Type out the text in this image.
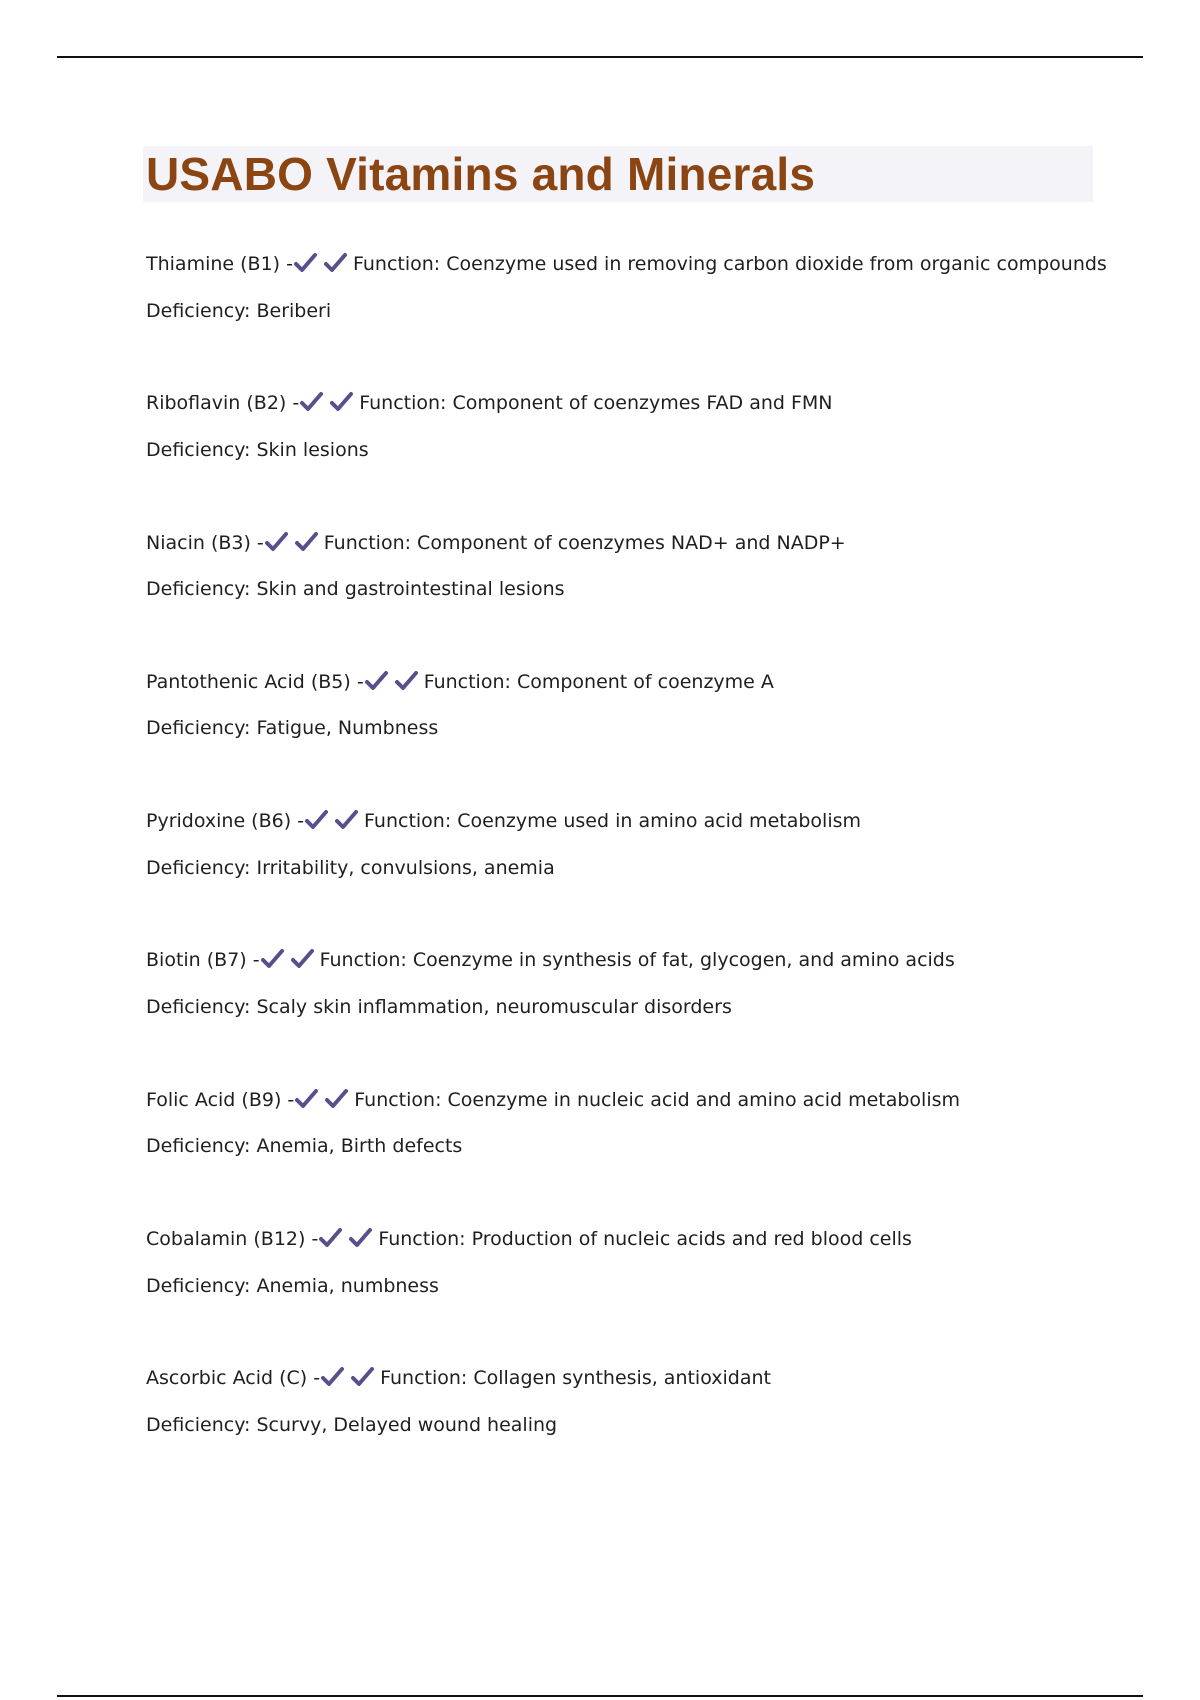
USABO Vitamins and Minerals
Thiamine (B1) -	Function: Coenzyme used in removing carbon dioxide from organic compounds
Deficiency: Beriberi
Riboflavin (B2) -	Function: Component of coenzymes FAD and FMN
Deficiency: Skin lesions
Niacin (B3) -	Function: Component of coenzymes NAD+ and NADP+
Deficiency: Skin and gastrointestinal lesions
Pantothenic Acid (B5) -	Function: Component of coenzyme A
Deficiency: Fatigue, Numbness
Pyridoxine (B6) -	Function: Coenzyme used in amino acid metabolism
Deficiency: Irritability, convulsions, anemia
Biotin (B7) -	Function: Coenzyme in synthesis of fat, glycogen, and amino acids
Deficiency: Scaly skin inflammation, neuromuscular disorders
Folic Acid (B9) -	Function: Coenzyme in nucleic acid and amino acid metabolism
Deficiency: Anemia, Birth defects
Cobalamin (B12) -	Function: Production of nucleic acids and red blood cells
Deficiency: Anemia, numbness
Ascorbic Acid (C) -	Function: Collagen synthesis, antioxidant
Deficiency: Scurvy, Delayed wound healing
